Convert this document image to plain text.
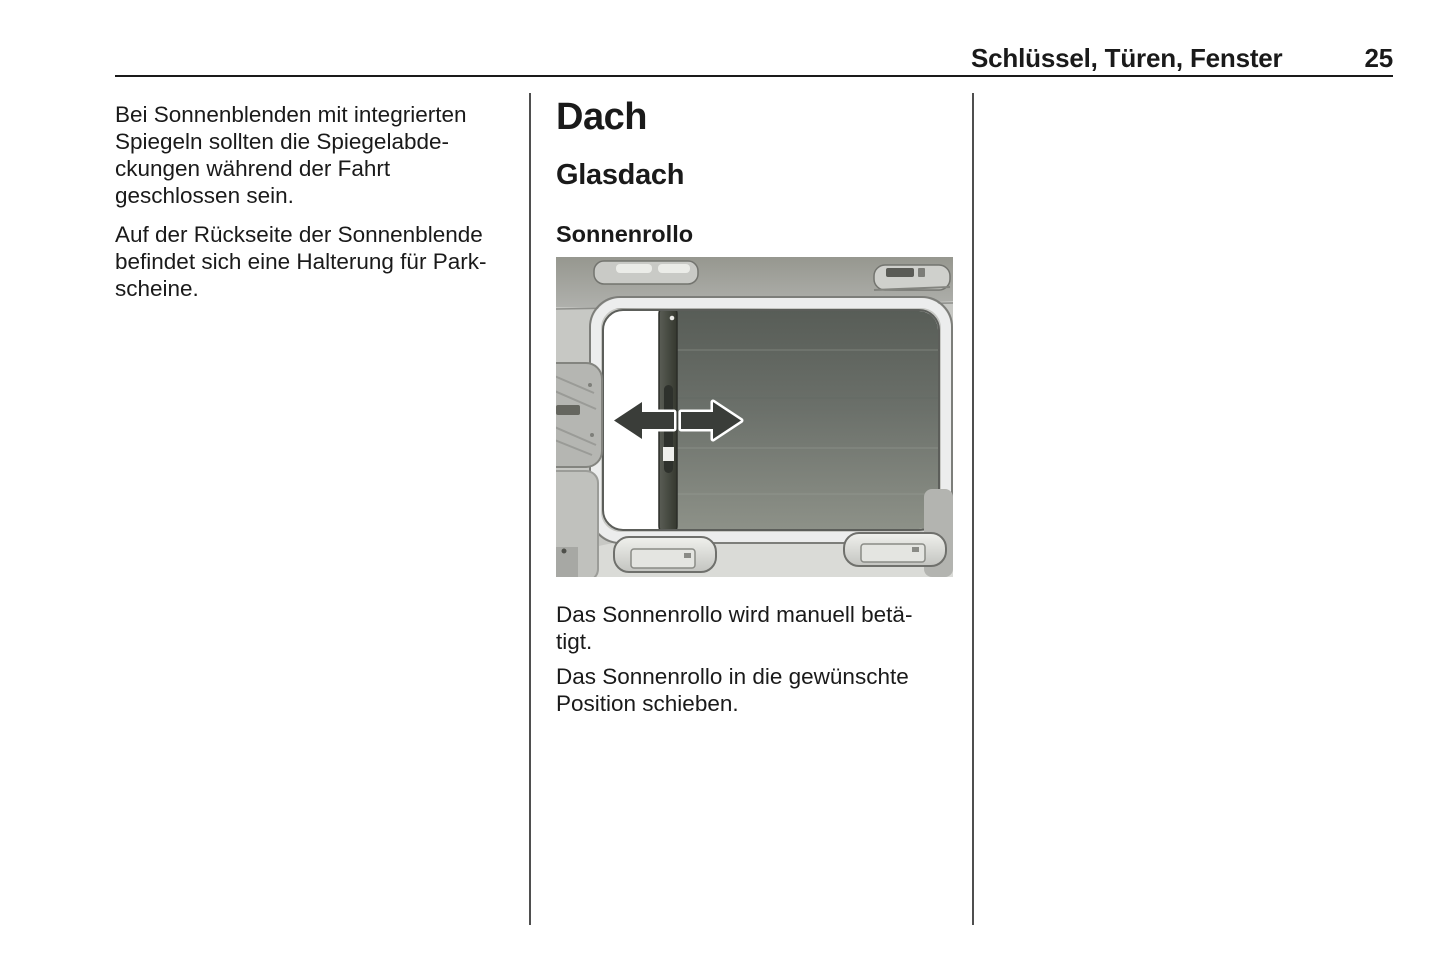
Schlüssel, Türen, Fenster	25
Bei Sonnenblenden mit integrierten
Spiegeln sollten die Spiegelabde-
ckungen während der Fahrt
geschlossen sein.
Auf der Rückseite der Sonnenblende
befindet sich eine Halterung für Park-
scheine.
Dach
Glasdach
Sonnenrollo
Das Sonnenrollo wird manuell betä-
tigt.
Das Sonnenrollo in die gewünschte
Position schieben.
